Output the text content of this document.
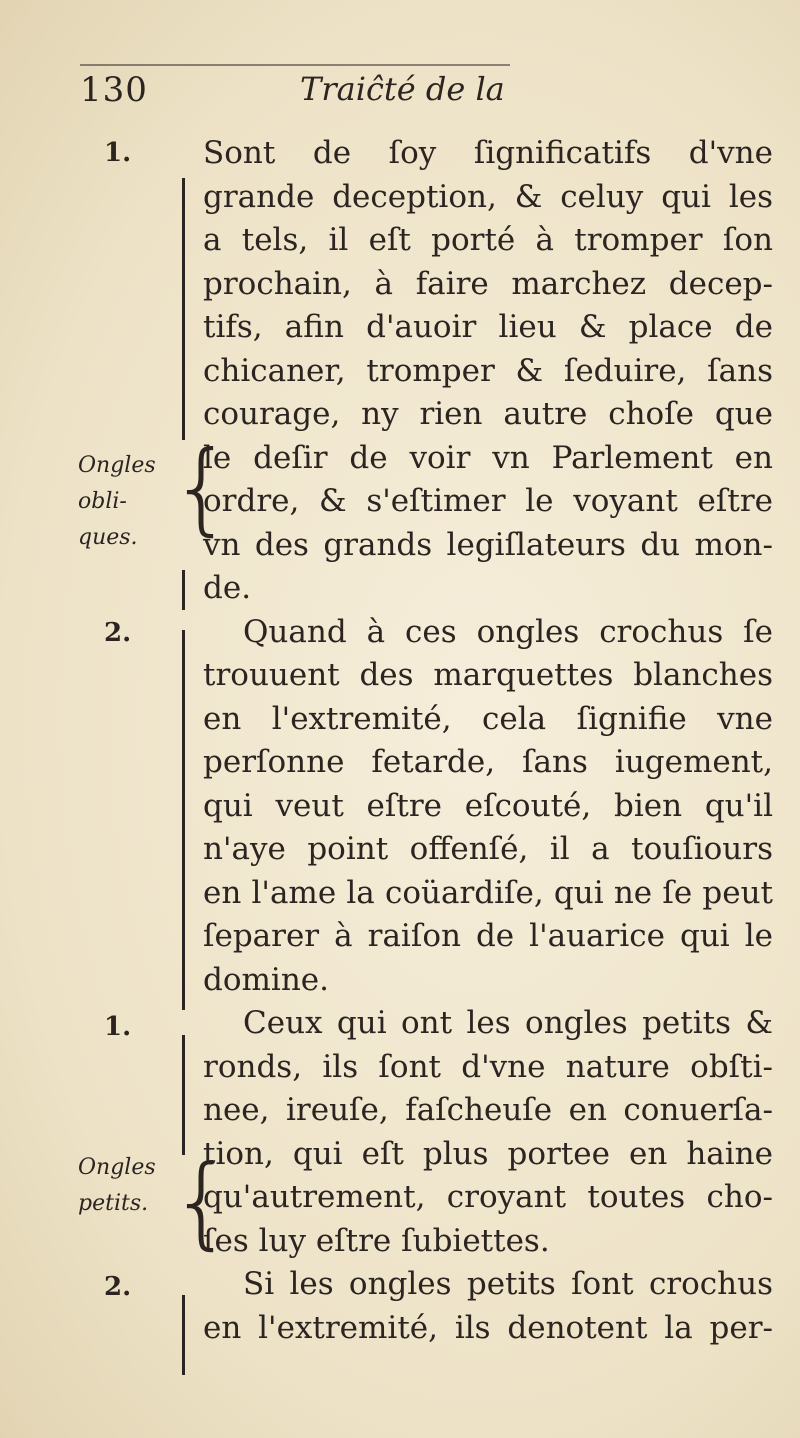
130	Traiĉté de la
1.
2.
1.
2.
Ongles
obli-
ques.
Ongles
petits.
{
{
Sont de ſoy ſignificatifs d'vne
grande deception, & celuy qui les
a tels, il eſt porté à tromper ſon
prochain, à faire marchez decep-
tifs, afin d'auoir lieu & place de
chicaner, tromper & ſeduire, ſans
courage, ny rien autre choſe que
le deſir de voir vn Parlement en
ordre, & s'eſtimer le voyant eſtre
vn des grands legiſlateurs du mon-
de.
Quand à ces ongles crochus ſe
trouuent des marquettes blanches
en l'extremité, cela ſignifie vne
perſonne fetarde, ſans iugement,
qui veut eſtre eſcouté, bien qu'il
n'aye point offenſé, il a touſiours
en l'ame la coüardiſe, qui ne ſe peut
ſeparer à raiſon de l'auarice qui le
domine.
Ceux qui ont les ongles petits &
ronds, ils ſont d'vne nature obſti-
nee, ireuſe, faſcheuſe en conuerſa-
tion, qui eſt plus portee en haine
qu'autrement, croyant toutes cho-
ſes luy eſtre ſubiettes.
Si les ongles petits ſont crochus
en l'extremité, ils denotent la per-
